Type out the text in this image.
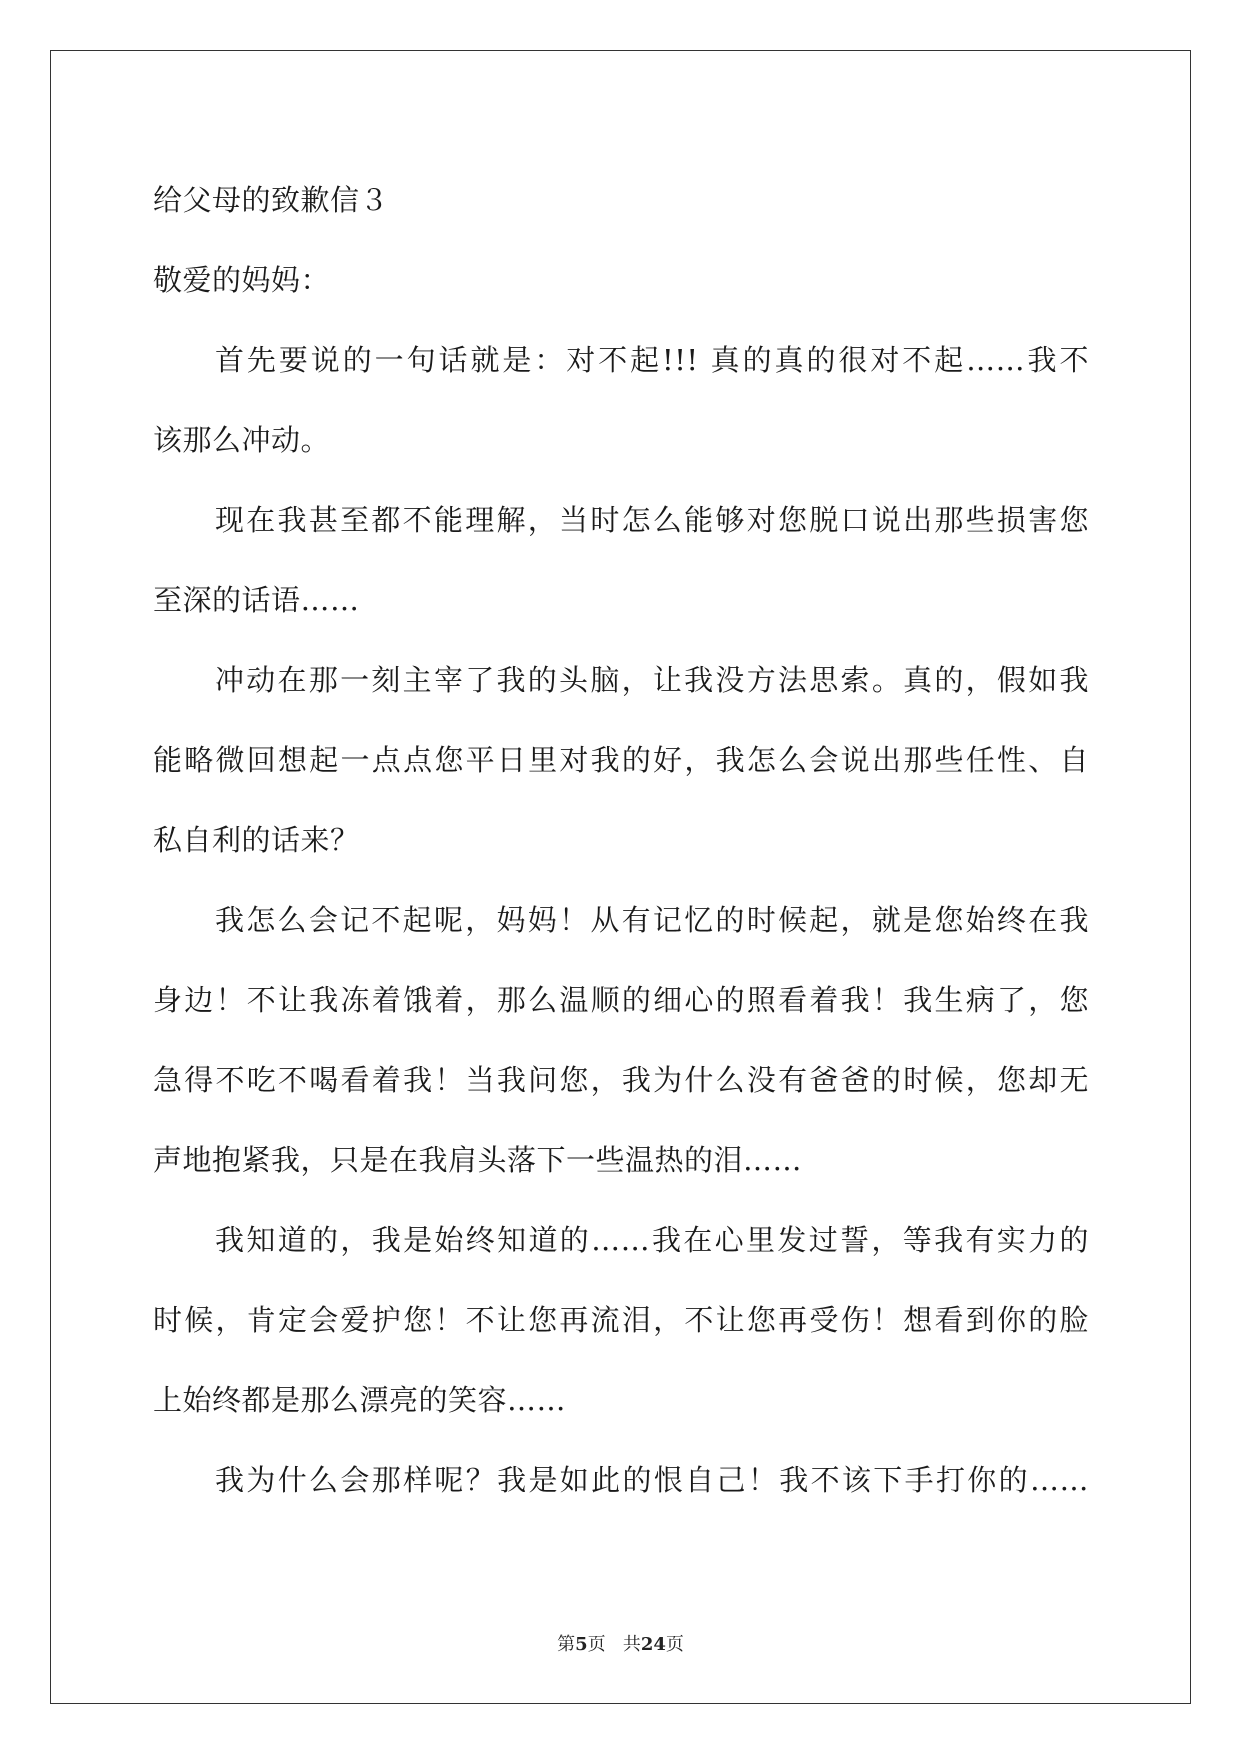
给父母的致歉信３
敬爱的妈妈：
首先要说的一句话就是：对不起!!! 真的真的很对不起……我不
该那么冲动。
现在我甚至都不能理解，当时怎么能够对您脱口说出那些损害您
至深的话语……
冲动在那一刻主宰了我的头脑，让我没方法思索。真的，假如我
能略微回想起一点点您平日里对我的好，我怎么会说出那些任性、自
私自利的话来？
我怎么会记不起呢，妈妈！从有记忆的时候起，就是您始终在我
身边！不让我冻着饿着，那么温顺的细心的照看着我！我生病了，您
急得不吃不喝看着我！当我问您，我为什么没有爸爸的时候，您却无
声地抱紧我，只是在我肩头落下一些温热的泪……
我知道的，我是始终知道的……我在心里发过誓，等我有实力的
时候，肯定会爱护您！不让您再流泪，不让您再受伤！想看到你的脸
上始终都是那么漂亮的笑容……
我为什么会那样呢？我是如此的恨自己！我不该下手打你的……
第5页 共24页
